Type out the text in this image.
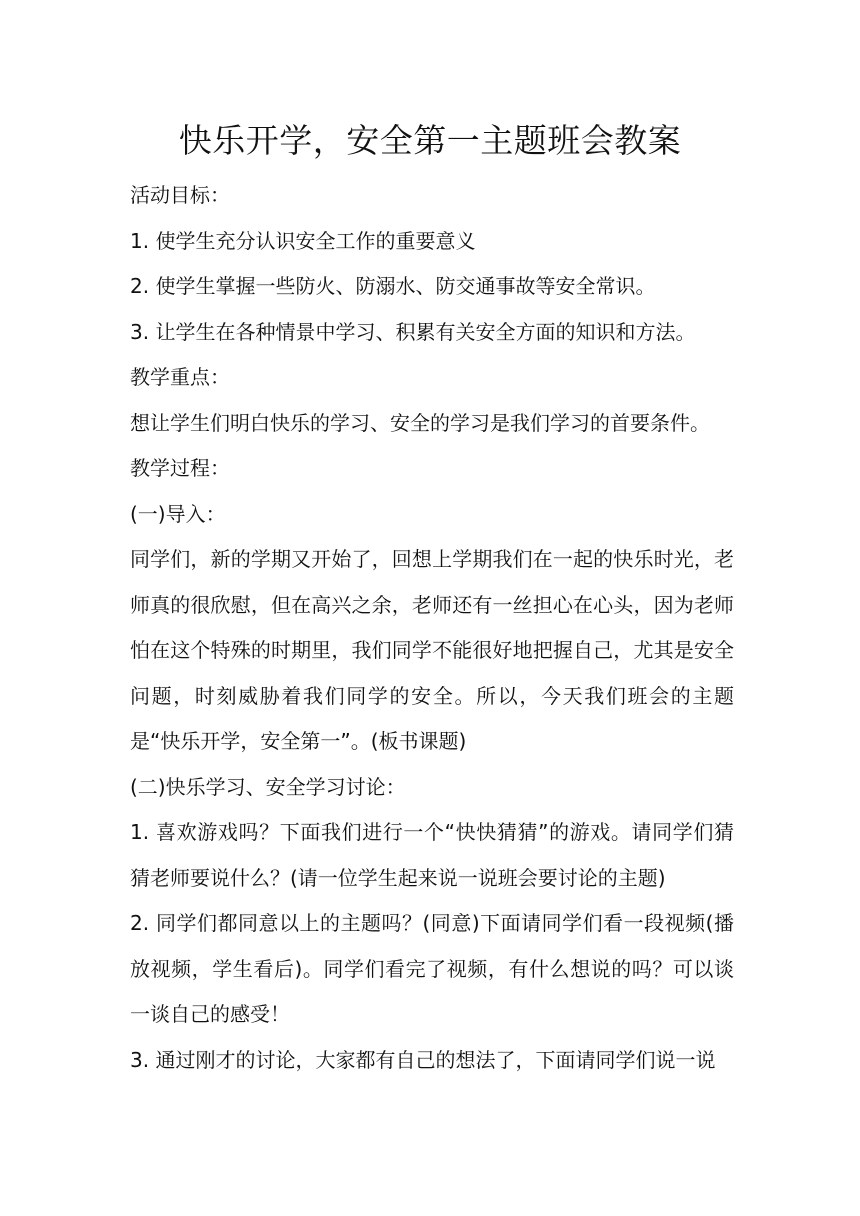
快乐开学，安全第一主题班会教案

活动目标：

1. 使学生充分认识安全工作的重要意义

2. 使学生掌握一些防火、防溺水、防交通事故等安全常识。

3. 让学生在各种情景中学习、积累有关安全方面的知识和方法。

教学重点：

想让学生们明白快乐的学习、安全的学习是我们学习的首要条件。

教学过程：

(一)导入：

同学们，新的学期又开始了，回想上学期我们在一起的快乐时光，老师真的很欣慰，但在高兴之余，老师还有一丝担心在心头，因为老师怕在这个特殊的时期里，我们同学不能很好地把握自己，尤其是安全问题，时刻威胁着我们同学的安全。所以，今天我们班会的主题是“快乐开学，安全第一”。(板书课题)

(二)快乐学习、安全学习讨论：

1. 喜欢游戏吗？下面我们进行一个“快快猜猜”的游戏。请同学们猜猜老师要说什么？(请一位学生起来说一说班会要讨论的主题)

2. 同学们都同意以上的主题吗？(同意)下面请同学们看一段视频(播放视频，学生看后)。同学们看完了视频，有什么想说的吗？可以谈一谈自己的感受！

3. 通过刚才的讨论，大家都有自己的想法了，下面请同学们说一说
